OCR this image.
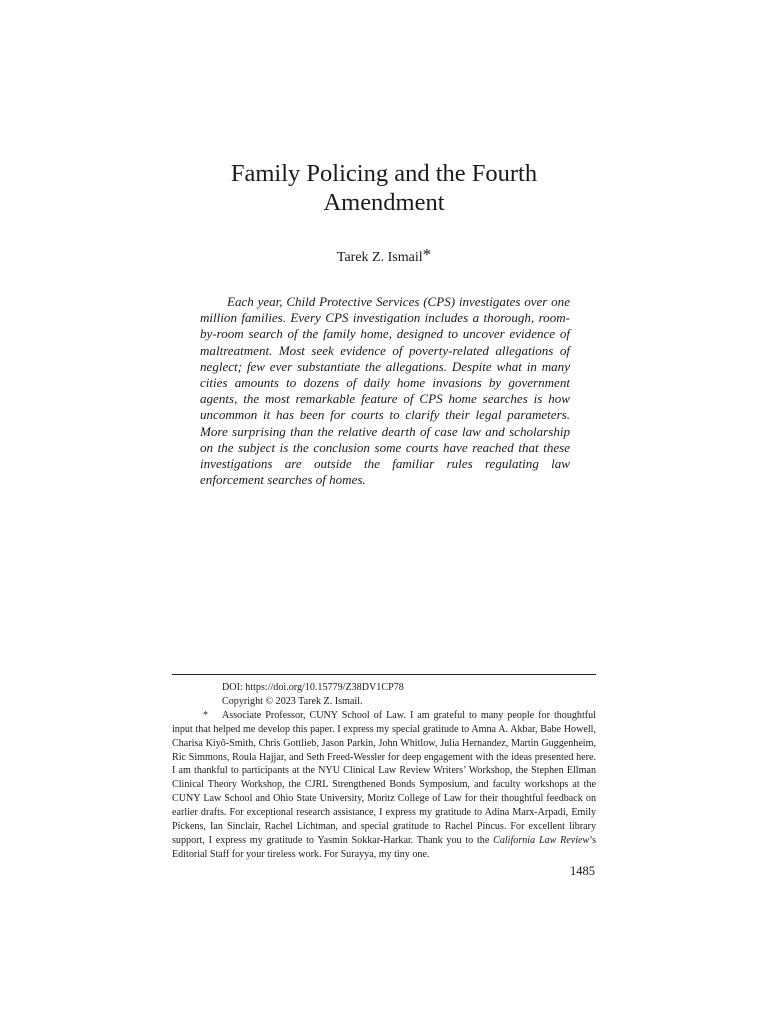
Family Policing and the Fourth
Amendment
Tarek Z. Ismail*

Each year, Child Protective Services (CPS) investigates over one million families. Every CPS investigation includes a thorough, room-by-room search of the family home, designed to uncover evidence of maltreatment. Most seek evidence of poverty-related allegations of neglect; few ever substantiate the allegations. Despite what in many cities amounts to dozens of daily home invasions by government agents, the most remarkable feature of CPS home searches is how uncommon it has been for courts to clarify their legal parameters. More surprising than the relative dearth of case law and scholarship on the subject is the conclusion some courts have reached that these investigations are outside the familiar rules regulating law enforcement searches of homes.

DOI: https://doi.org/10.15779/Z38DV1CP78
Copyright © 2023 Tarek Z. Ismail.

* Associate Professor, CUNY School of Law. I am grateful to many people for thoughtful input that helped me develop this paper. I express my special gratitude to Amna A. Akbar, Babe Howell, Charisa Kiyô-Smith, Chris Gottlieb, Jason Parkin, John Whitlow, Julia Hernandez, Martin Guggenheim, Ric Simmons, Roula Hajjar, and Seth Freed-Wessler for deep engagement with the ideas presented here. I am thankful to participants at the NYU Clinical Law Review Writers’ Workshop, the Stephen Ellman Clinical Theory Workshop, the CJRL Strengthened Bonds Symposium, and faculty workshops at the CUNY Law School and Ohio State University, Moritz College of Law for their thoughtful feedback on earlier drafts. For exceptional research assistance, I express my gratitude to Adina Marx-Arpadi, Emily Pickens, Ian Sinclair, Rachel Lichtman, and special gratitude to Rachel Pincus. For excellent library support, I express my gratitude to Yasmin Sokkar-Harkar. Thank you to the California Law Review’s Editorial Staff for your tireless work. For Surayya, my tiny one.

1485
